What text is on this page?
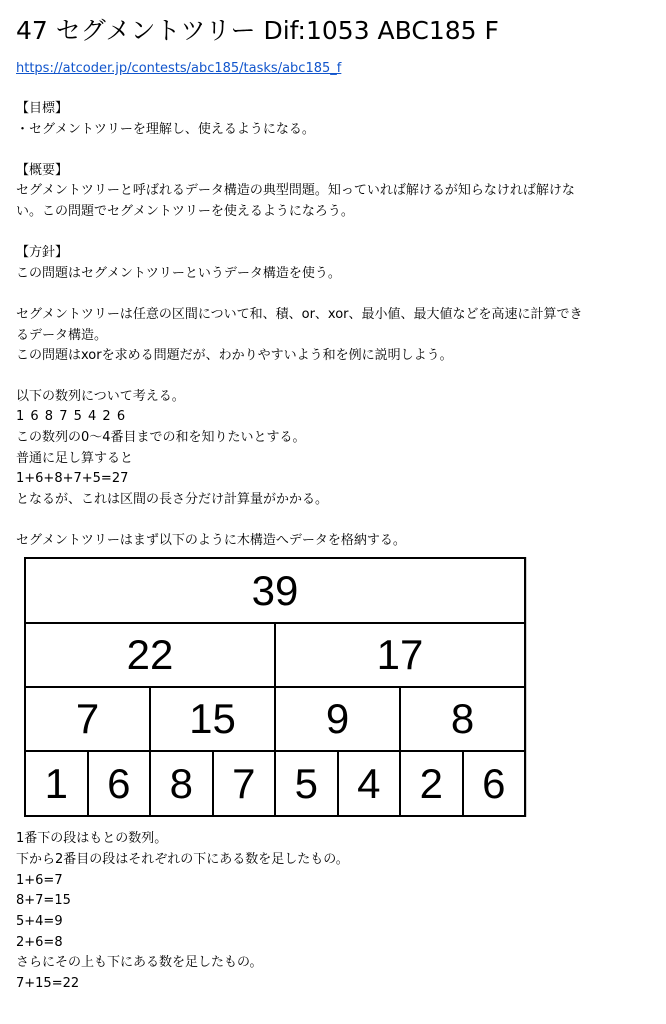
47 セグメントツリー Dif:1053 ABC185 F
https://atcoder.jp/contests/abc185/tasks/abc185_f
【目標】
・セグメントツリーを理解し、使えるようになる。
【概要】
セグメントツリーと呼ばれるデータ構造の典型問題。知っていれば解けるが知らなければ解けな
い。この問題でセグメントツリーを使えるようになろう。
【方針】
この問題はセグメントツリーというデータ構造を使う。
セグメントツリーは任意の区間について和、積、or、xor、最小値、最大値などを高速に計算でき
るデータ構造。
この問題はxorを求める問題だが、わかりやすいよう和を例に説明しよう。
以下の数列について考える。
1 6 8 7 5 4 2 6
この数列の0～4番目までの和を知りたいとする。
普通に足し算すると
1+6+8+7+5=27
となるが、これは区間の長さ分だけ計算量がかかる。
セグメントツリーはまず以下のように木構造へデータを格納する。
1番下の段はもとの数列。
下から2番目の段はそれぞれの下にある数を足したもの。
1+6=7
8+7=15
5+4=9
2+6=8
さらにその上も下にある数を足したもの。
7+15=22
39
22	17
7	15	9	8
1 6 8 7 5 4 2 6
